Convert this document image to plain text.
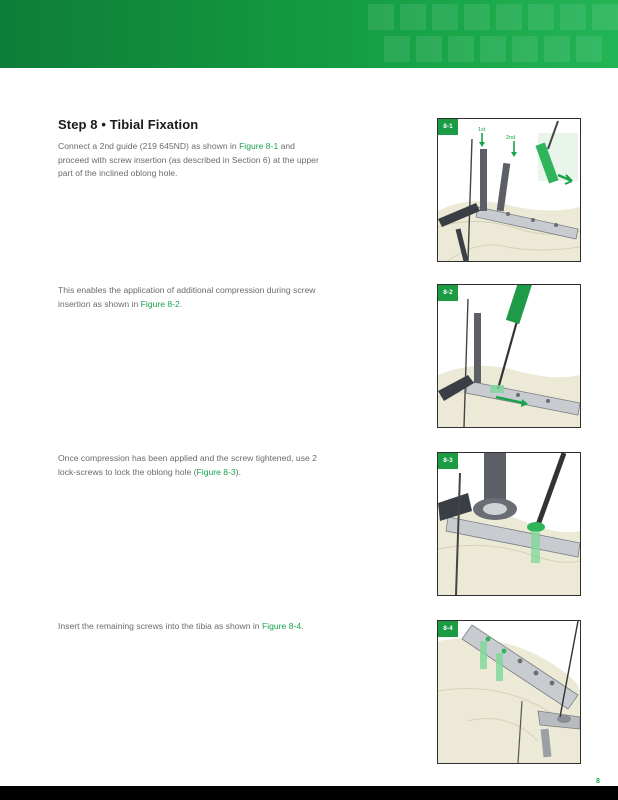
Step 8 • Tibial Fixation

Connect a 2nd guide (219 645ND) as shown in Figure 8-1 and proceed with screw insertion (as described in Section 6) at the upper part of the inclined oblong hole.

This enables the application of additional compression during screw insertion as shown in Figure 8-2.

Once compression has been applied and the screw tightened, use 2 lock-screws to lock the oblong hole (Figure 8-3).

Insert the remaining screws into the tibia as shown in Figure 8-4.

8-1	1st
2nd
8-2
8-3
8-4
8
